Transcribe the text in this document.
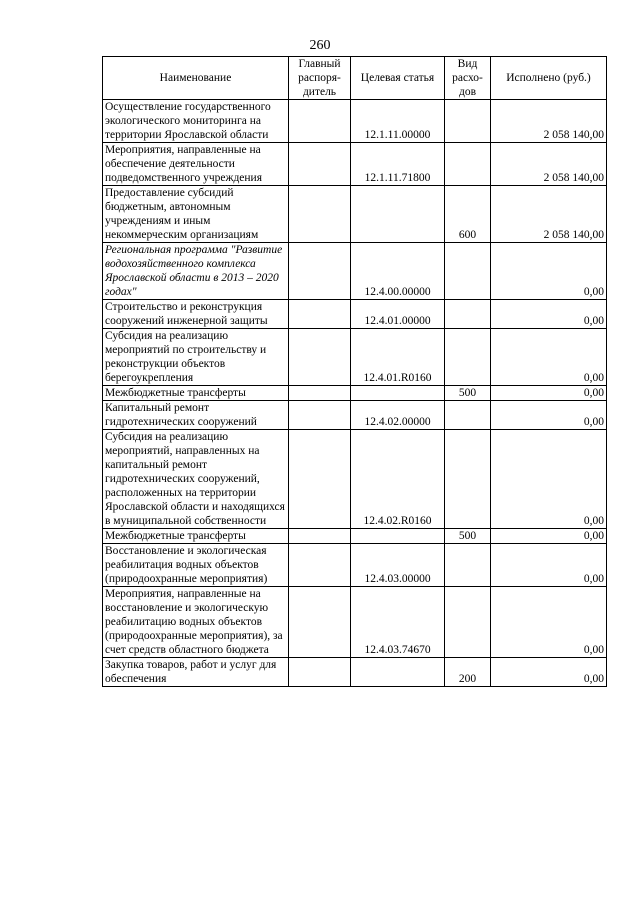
260
Наименование	Главный распоря-дитель	Целевая статья	Вид расхо-дов	Исполнено (руб.)
Осуществление государственного экологического мониторинга на территории Ярославской области		12.1.11.00000		2 058 140,00
Мероприятия, направленные на обеспечение деятельности подведомственного учреждения		12.1.11.71800		2 058 140,00
Предоставление субсидий бюджетным, автономным учреждениям и иным некоммерческим организациям			600	2 058 140,00
Региональная программа "Развитие водохозяйственного комплекса Ярославской области в 2013 – 2020 годах"		12.4.00.00000		0,00
Строительство и реконструкция сооружений инженерной защиты		12.4.01.00000		0,00
Субсидия на реализацию мероприятий по строительству и реконструкции объектов берегоукрепления		12.4.01.R0160		0,00
Межбюджетные трансферты			500	0,00
Капитальный ремонт гидротехнических сооружений		12.4.02.00000		0,00
Субсидия на реализацию мероприятий, направленных на капитальный ремонт гидротехнических сооружений, расположенных на территории Ярославской области и находящихся в муниципальной собственности		12.4.02.R0160		0,00
Межбюджетные трансферты			500	0,00
Восстановление и экологическая реабилитация водных объектов (природоохранные мероприятия)		12.4.03.00000		0,00
Мероприятия, направленные на восстановление и экологическую реабилитацию водных объектов (природоохранные мероприятия), за счет средств областного бюджета		12.4.03.74670		0,00
Закупка товаров, работ и услуг для обеспечения			200	0,00
